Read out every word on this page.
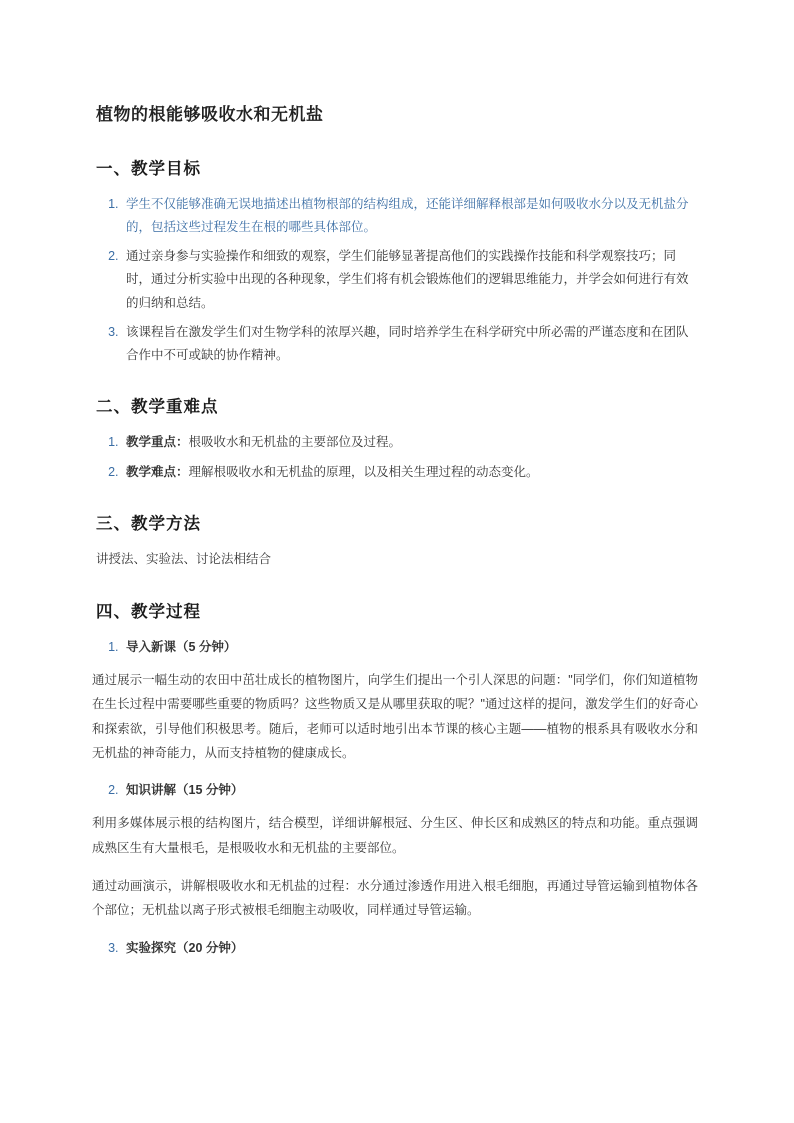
植物的根能够吸收水和无机盐
一、教学目标
1. 学生不仅能够准确无误地描述出植物根部的结构组成，还能详细解释根部是如何吸收水分以及无机盐分的，包括这些过程发生在根的哪些具体部位。
2. 通过亲身参与实验操作和细致的观察，学生们能够显著提高他们的实践操作技能和科学观察技巧；同时，通过分析实验中出现的各种现象，学生们将有机会锻炼他们的逻辑思维能力，并学会如何进行有效的归纳和总结。
3. 该课程旨在激发学生们对生物学科的浓厚兴趣，同时培养学生在科学研究中所必需的严谨态度和在团队合作中不可或缺的协作精神。
二、教学重难点
1. 教学重点：根吸收水和无机盐的主要部位及过程。
2. 教学难点：理解根吸收水和无机盐的原理，以及相关生理过程的动态变化。
三、教学方法

讲授法、实验法、讨论法相结合

四、教学过程
1. 导入新课（5 分钟）
通过展示一幅生动的农田中茁壮成长的植物图片，向学生们提出一个引人深思的问题："同学们，你们知道植物在生长过程中需要哪些重要的物质吗？这些物质又是从哪里获取的呢？"通过这样的提问，激发学生们的好奇心和探索欲，引导他们积极思考。随后，老师可以适时地引出本节课的核心主题——植物的根系具有吸收水分和无机盐的神奇能力，从而支持植物的健康成长。
2. 知识讲解（15 分钟）
利用多媒体展示根的结构图片，结合模型，详细讲解根冠、分生区、伸长区和成熟区的特点和功能。重点强调成熟区生有大量根毛，是根吸收水和无机盐的主要部位。
通过动画演示，讲解根吸收水和无机盐的过程：水分通过渗透作用进入根毛细胞，再通过导管运输到植物体各个部位；无机盐以离子形式被根毛细胞主动吸收，同样通过导管运输。
3. 实验探究（20 分钟）
